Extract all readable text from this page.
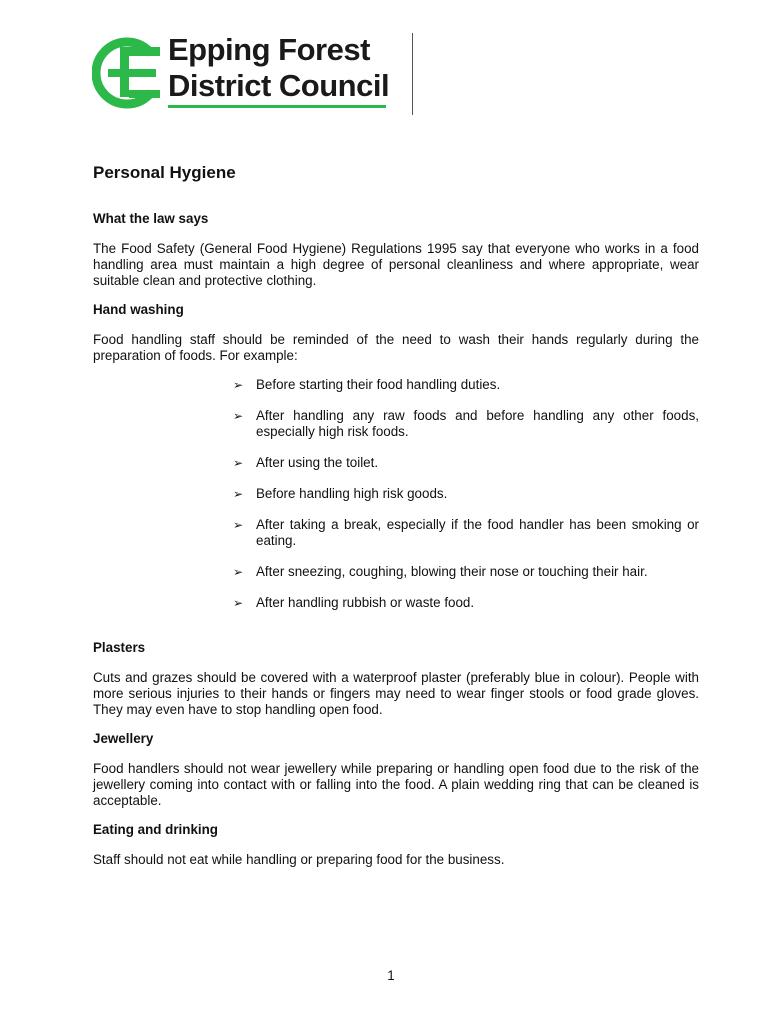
Epping Forest
District Council
Personal Hygiene
What the law says

The Food Safety (General Food Hygiene) Regulations 1995 say that everyone who works in a food handling area must maintain a high degree of personal cleanliness and where appropriate, wear suitable clean and protective clothing.

Hand washing

Food handling staff should be reminded of the need to wash their hands regularly during the preparation of foods. For example:

➢ Before starting their food handling duties.
➢ After handling any raw foods and before handling any other foods, especially high risk foods.
➢ After using the toilet.
➢ Before handling high risk goods.
➢ After taking a break, especially if the food handler has been smoking or eating.
➢ After sneezing, coughing, blowing their nose or touching their hair.
➢ After handling rubbish or waste food.
Plasters

Cuts and grazes should be covered with a waterproof plaster (preferably blue in colour). People with more serious injuries to their hands or fingers may need to wear finger stools or food grade gloves. They may even have to stop handling open food.

Jewellery

Food handlers should not wear jewellery while preparing or handling open food due to the risk of the jewellery coming into contact with or falling into the food. A plain wedding ring that can be cleaned is acceptable.

Eating and drinking

Staff should not eat while handling or preparing food for the business.

1
